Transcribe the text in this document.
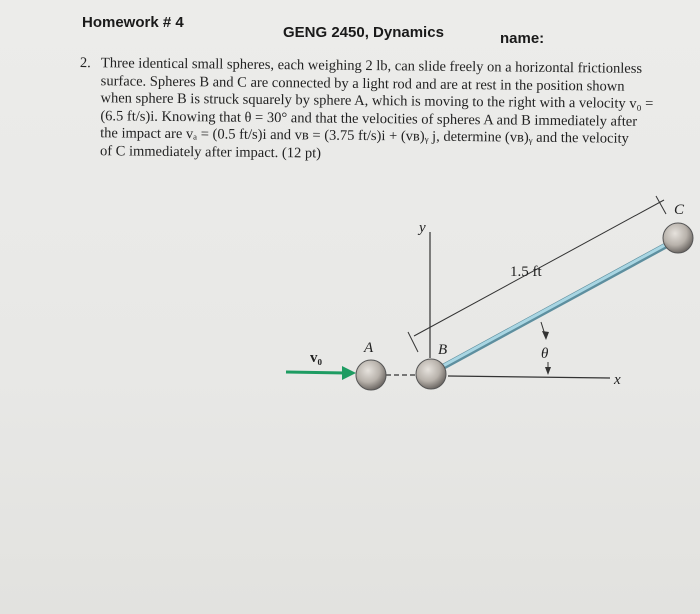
Homework # 4
GENG 2450, Dynamics	name:
2. Three identical small spheres, each weighing 2 lb, can slide freely on a horizontal frictionless
surface. Spheres B and C are connected by a light rod and are at rest in the position shown
when sphere B is struck squarely by sphere A, which is moving to the right with a velocity v₀ =
(6.5 ft/s)i. Knowing that θ = 30° and that the velocities of spheres A and B immediately after
the impact are vₐ = (0.5 ft/s)i and vʙ = (3.75 ft/s)i + (vʙ)ᵧ j, determine (vʙ)ᵧ and the velocity
of C immediately after impact. (12 pt)
y
x
1.5 ft
θ
v₀
A	B
C
